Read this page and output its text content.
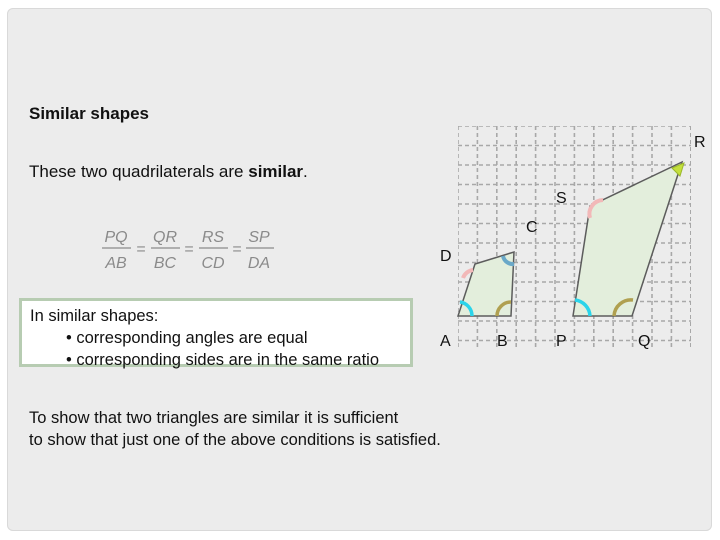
Similar shapes
These two quadrilaterals are similar.
PQ
AB
=
QR
BC
=
RS
CD
=
SP
DA
R
S
C
D
A	B	P	Q
In similar shapes:
• corresponding angles are equal
• corresponding sides are in the same ratio
To show that two triangles are similar it is sufficient
to show that just one of the above conditions is satisfied.
